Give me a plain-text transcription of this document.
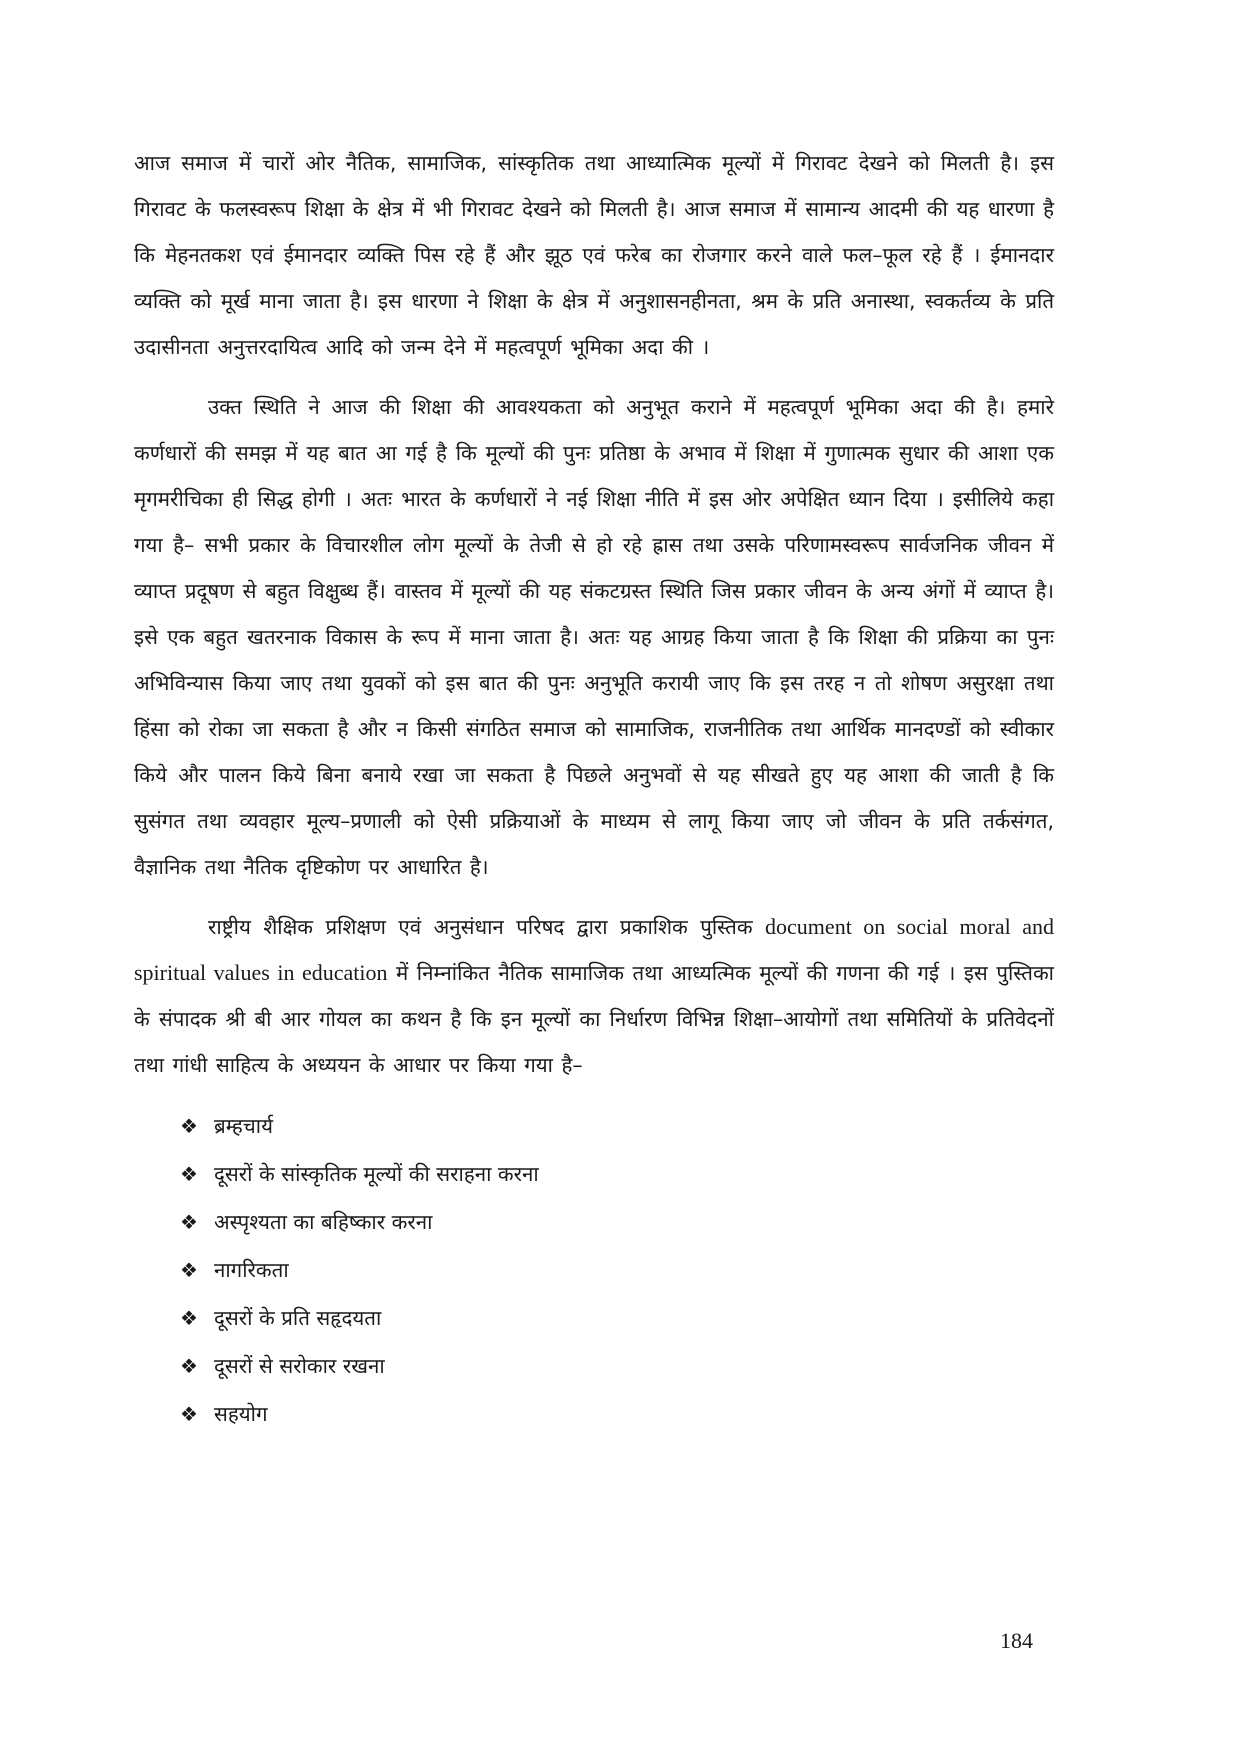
आज समाज में चारों ओर नैतिक, सामाजिक, सांस्कृतिक तथा आध्यात्मिक मूल्यों में गिरावट देखने को मिलती है। इस गिरावट के फलस्वरूप शिक्षा के क्षेत्र में भी गिरावट देखने को मिलती है। आज समाज में सामान्य आदमी की यह धारणा है कि मेहनतकश एवं ईमानदार व्यक्ति पिस रहे हैं और झूठ एवं फरेब का रोजगार करने वाले फल–फूल रहे हैं । ईमानदार व्यक्ति को मूर्ख माना जाता है। इस धारणा ने शिक्षा के क्षेत्र में अनुशासनहीनता, श्रम के प्रति अनास्था, स्वकर्तव्य के प्रति उदासीनता अनुत्तरदायित्व आदि को जन्म देने में महत्वपूर्ण भूमिका अदा की ।

उक्त स्थिति ने आज की शिक्षा की आवश्यकता को अनुभूत कराने में महत्वपूर्ण भूमिका अदा की है। हमारे कर्णधारों की समझ में यह बात आ गई है कि मूल्यों की पुनः प्रतिष्ठा के अभाव में शिक्षा में गुणात्मक सुधार की आशा एक मृगमरीचिका ही सिद्ध होगी । अतः भारत के कर्णधारों ने नई शिक्षा नीति में इस ओर अपेक्षित ध्यान दिया । इसीलिये कहा गया है– सभी प्रकार के विचारशील लोग मूल्यों के तेजी से हो रहे ह्रास तथा उसके परिणामस्वरूप सार्वजनिक जीवन में व्याप्त प्रदूषण से बहुत विक्षुब्ध हैं। वास्तव में मूल्यों की यह संकटग्रस्त स्थिति जिस प्रकार जीवन के अन्य अंगों में व्याप्त है। इसे एक बहुत खतरनाक विकास के रूप में माना जाता है। अतः यह आग्रह किया जाता है कि शिक्षा की प्रक्रिया का पुनः अभिविन्यास किया जाए तथा युवकों को इस बात की पुनः अनुभूति करायी जाए कि इस तरह न तो शोषण असुरक्षा तथा हिंसा को रोका जा सकता है और न किसी संगठित समाज को सामाजिक, राजनीतिक तथा आर्थिक मानदण्डों को स्वीकार किये और पालन किये बिना बनाये रखा जा सकता है पिछले अनुभवों से यह सीखते हुए यह आशा की जाती है कि सुसंगत तथा व्यवहार मूल्य–प्रणाली को ऐसी प्रक्रियाओं के माध्यम से लागू किया जाए जो जीवन के प्रति तर्कसंगत, वैज्ञानिक तथा नैतिक दृष्टिकोण पर आधारित है।

राष्ट्रीय शैक्षिक प्रशिक्षण एवं अनुसंधान परिषद द्वारा प्रकाशिक पुस्तिक document on social moral and spiritual values in education में निम्नांकित नैतिक सामाजिक तथा आध्यत्मिक मूल्यों की गणना की गई । इस पुस्तिका के संपादक श्री बी आर गोयल का कथन है कि इन मूल्यों का निर्धारण विभिन्न शिक्षा–आयोगों तथा समितियों के प्रतिवेदनों तथा गांधी साहित्य के अध्ययन के आधार पर किया गया है–

❖ ब्रम्हचार्य
❖ दूसरों के सांस्कृतिक मूल्यों की सराहना करना
❖ अस्पृश्यता का बहिष्कार करना
❖ नागरिकता
❖ दूसरों के प्रति सहृदयता
❖ दूसरों से सरोकार रखना
❖ सहयोग
184
